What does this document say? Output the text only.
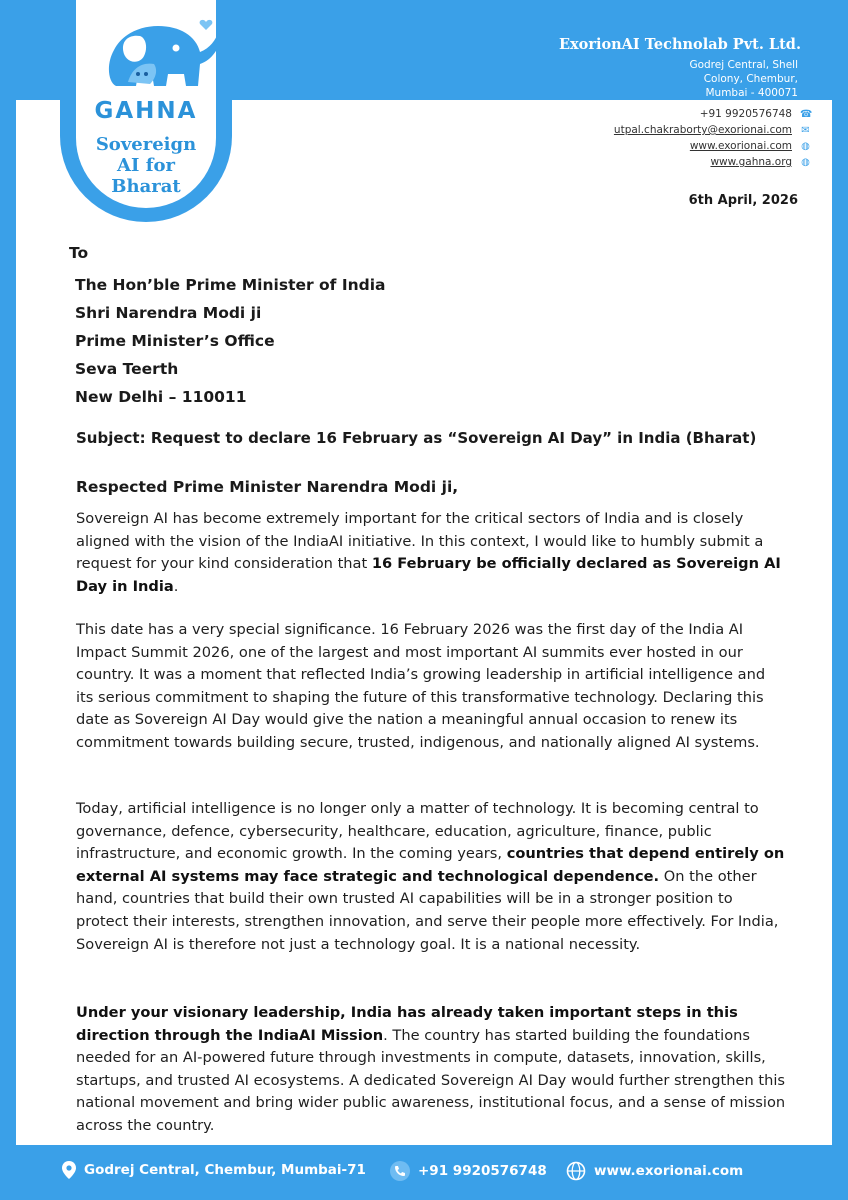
GAHNA
Sovereign
AI for
Bharat
ExorionAI Technolab Pvt. Ltd.
Godrej Central, Shell
Colony, Chembur,
Mumbai - 400071
+91 9920576748 ☎
utpal.chakraborty@exorionai.com ✉
www.exorionai.com ◍
www.gahna.org ◍
6th April, 2026
To
The Hon’ble Prime Minister of India
Shri Narendra Modi ji
Prime Minister’s Office
Seva Teerth
New Delhi – 110011
Subject: Request to declare 16 February as “Sovereign AI Day” in India (Bharat)
Respected Prime Minister Narendra Modi ji,
Sovereign AI has become extremely important for the critical sectors of India and is closely aligned with the vision of the IndiaAI initiative. In this context, I would like to humbly submit a request for your kind consideration that 16 February be officially declared as Sovereign AI Day in India.
This date has a very special significance. 16 February 2026 was the first day of the India AI Impact Summit 2026, one of the largest and most important AI summits ever hosted in our country. It was a moment that reflected India’s growing leadership in artificial intelligence and its serious commitment to shaping the future of this transformative technology. Declaring this date as Sovereign AI Day would give the nation a meaningful annual occasion to renew its commitment towards building secure, trusted, indigenous, and nationally aligned AI systems.
Today, artificial intelligence is no longer only a matter of technology. It is becoming central to governance, defence, cybersecurity, healthcare, education, agriculture, finance, public infrastructure, and economic growth. In the coming years, countries that depend entirely on external AI systems may face strategic and technological dependence. On the other hand, countries that build their own trusted AI capabilities will be in a stronger position to protect their interests, strengthen innovation, and serve their people more effectively. For India, Sovereign AI is therefore not just a technology goal. It is a national necessity.
Under your visionary leadership, India has already taken important steps in this direction through the IndiaAI Mission. The country has started building the foundations needed for an AI-powered future through investments in compute, datasets, innovation, skills, startups, and trusted AI ecosystems. A dedicated Sovereign AI Day would further strengthen this national movement and bring wider public awareness, institutional focus, and a sense of mission across the country.
Godrej Central, Chembur, Mumbai-71	+91 9920576748	www.exorionai.com
